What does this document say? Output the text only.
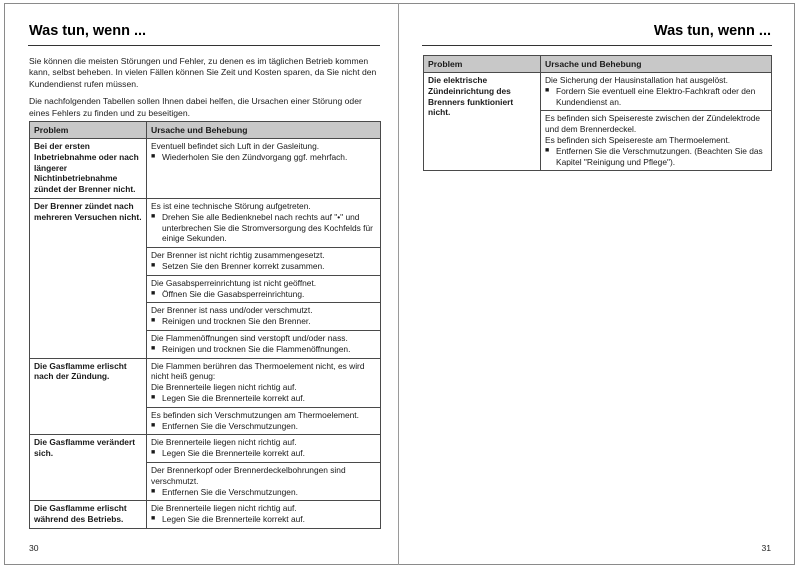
Was tun, wenn ...

Sie können die meisten Störungen und Fehler, zu denen es im täglichen Betrieb kommen kann, selbst beheben. In vielen Fällen können Sie Zeit und Kosten sparen, da Sie nicht den Kundendienst rufen müssen.

Die nachfolgenden Tabellen sollen Ihnen dabei helfen, die Ursachen einer Störung oder eines Fehlers zu finden und zu beseitigen.

Problem	Ursache und Behebung
Bei der ersten Inbetriebnahme oder nach längerer Nichtinbetriebnahme zündet der Brenner nicht.	Eventuell befindet sich Luft in der Gasleitung.
■ Wiederholen Sie den Zündvorgang ggf. mehrfach.

Der Brenner zündet nach mehreren Versuchen nicht.	Es ist eine technische Störung aufgetreten.
■ Drehen Sie alle Bedienknebel nach rechts auf "•" und unterbrechen Sie die Stromversorgung des Kochfelds für einige Sekunden.

	Der Brenner ist nicht richtig zusammengesetzt.
■ Setzen Sie den Brenner korrekt zusammen.

	Die Gasabsperreinrichtung ist nicht geöffnet.
■ Öffnen Sie die Gasabsperreinrichtung.

	Der Brenner ist nass und/oder verschmutzt.
■ Reinigen und trocknen Sie den Brenner.

	Die Flammenöffnungen sind verstopft und/oder nass.
■ Reinigen und trocknen Sie die Flammenöffnungen.

Die Gasflamme erlischt nach der Zündung.	Die Flammen berühren das Thermoelement nicht, es wird nicht heiß genug:
Die Brennerteile liegen nicht richtig auf.
■ Legen Sie die Brennerteile korrekt auf.

	Es befinden sich Verschmutzungen am Thermoelement.
■ Entfernen Sie die Verschmutzungen.

Die Gasflamme verändert sich.	Die Brennerteile liegen nicht richtig auf.
■ Legen Sie die Brennerteile korrekt auf.

	Der Brennerkopf oder Brennerdeckelbohrungen sind verschmutzt.
■ Entfernen Sie die Verschmutzungen.

Die Gasflamme erlischt während des Betriebs.	Die Brennerteile liegen nicht richtig auf.
■ Legen Sie die Brennerteile korrekt auf.
30
Was tun, wenn ...
Problem	Ursache und Behebung
Die elektrische Zündeinrichtung des Brenners funktioniert nicht.	Die Sicherung der Hausinstallation hat ausgelöst.
■ Fordern Sie eventuell eine Elektro-Fachkraft oder den Kundendienst an.

	Es befinden sich Speisereste zwischen der Zündelektrode und dem Brennerdeckel.
Es befinden sich Speisereste am Thermoelement.
■ Entfernen Sie die Verschmutzungen. (Beachten Sie das Kapitel "Reinigung und Pflege").
31
